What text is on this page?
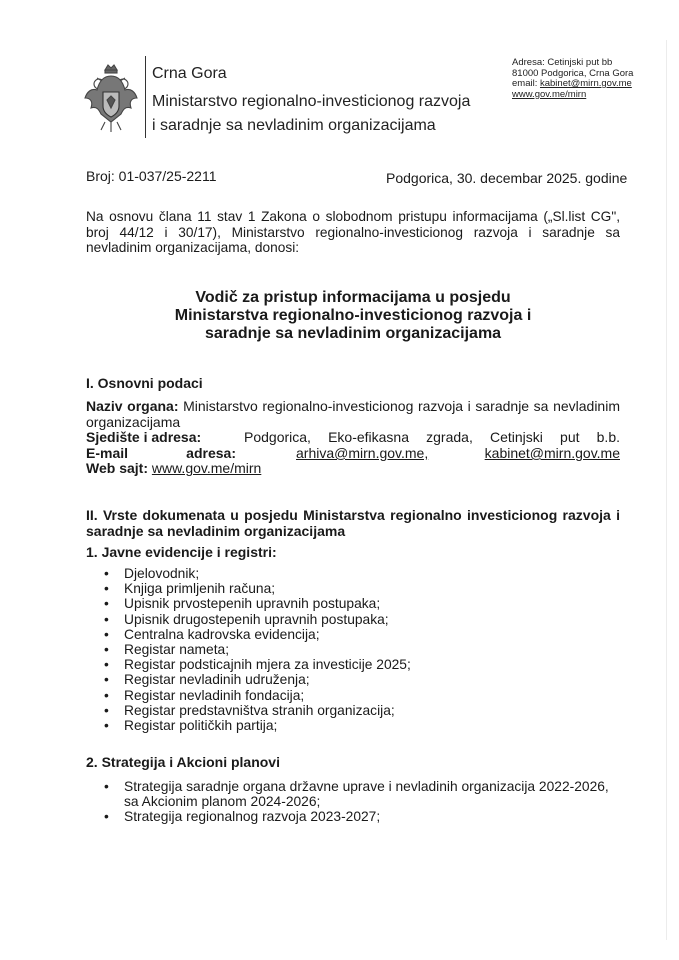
Crna Gora
Ministarstvo regionalno-investicionog razvoja
i saradnje sa nevladinim organizacijama
Adresa: Cetinjski put bb
81000 Podgorica, Crna Gora
email: kabinet@mirn.gov.me
www.gov.me/mirn
Broj: 01-037/25-2211	Podgorica, 30. decembar 2025. godine
Na osnovu člana 11 stav 1 Zakona o slobodnom pristupu informacijama („Sl.list CG", broj 44/12 i 30/17), Ministarstvo regionalno-investicionog razvoja i saradnje sa nevladinim organizacijama, donosi:
Vodič za pristup informacijama u posjedu
Ministarstva regionalno-investicionog razvoja i
saradnje sa nevladinim organizacijama
I. Osnovni podaci
Naziv organa: Ministarstvo regionalno-investicionog razvoja i saradnje sa nevladinim organizacijama
Sjedište i adresa:	Podgorica, Eko-efikasna zgrada, Cetinjski put b.b.
E-mail adresa:	arhiva@mirn.gov.me,	kabinet@mirn.gov.me
Web sajt: www.gov.me/mirn
II. Vrste dokumenata u posjedu Ministarstva regionalno investicionog razvoja i saradnje sa nevladinim organizacijama
1. Javne evidencije i registri:
• Djelovodnik;
• Knjiga primljenih računa;
• Upisnik prvostepenih upravnih postupaka;
• Upisnik drugostepenih upravnih postupaka;
• Centralna kadrovska evidencija;
• Registar nameta;
• Registar podsticajnih mjera za investicije 2025;
• Registar nevladinih udruženja;
• Registar nevladinih fondacija;
• Registar predstavništva stranih organizacija;
• Registar političkih partija;
2. Strategija i Akcioni planovi
• Strategija saradnje organa državne uprave i nevladinih organizacija 2022-2026, sa Akcionim planom 2024-2026;
• Strategija regionalnog razvoja 2023-2027;
